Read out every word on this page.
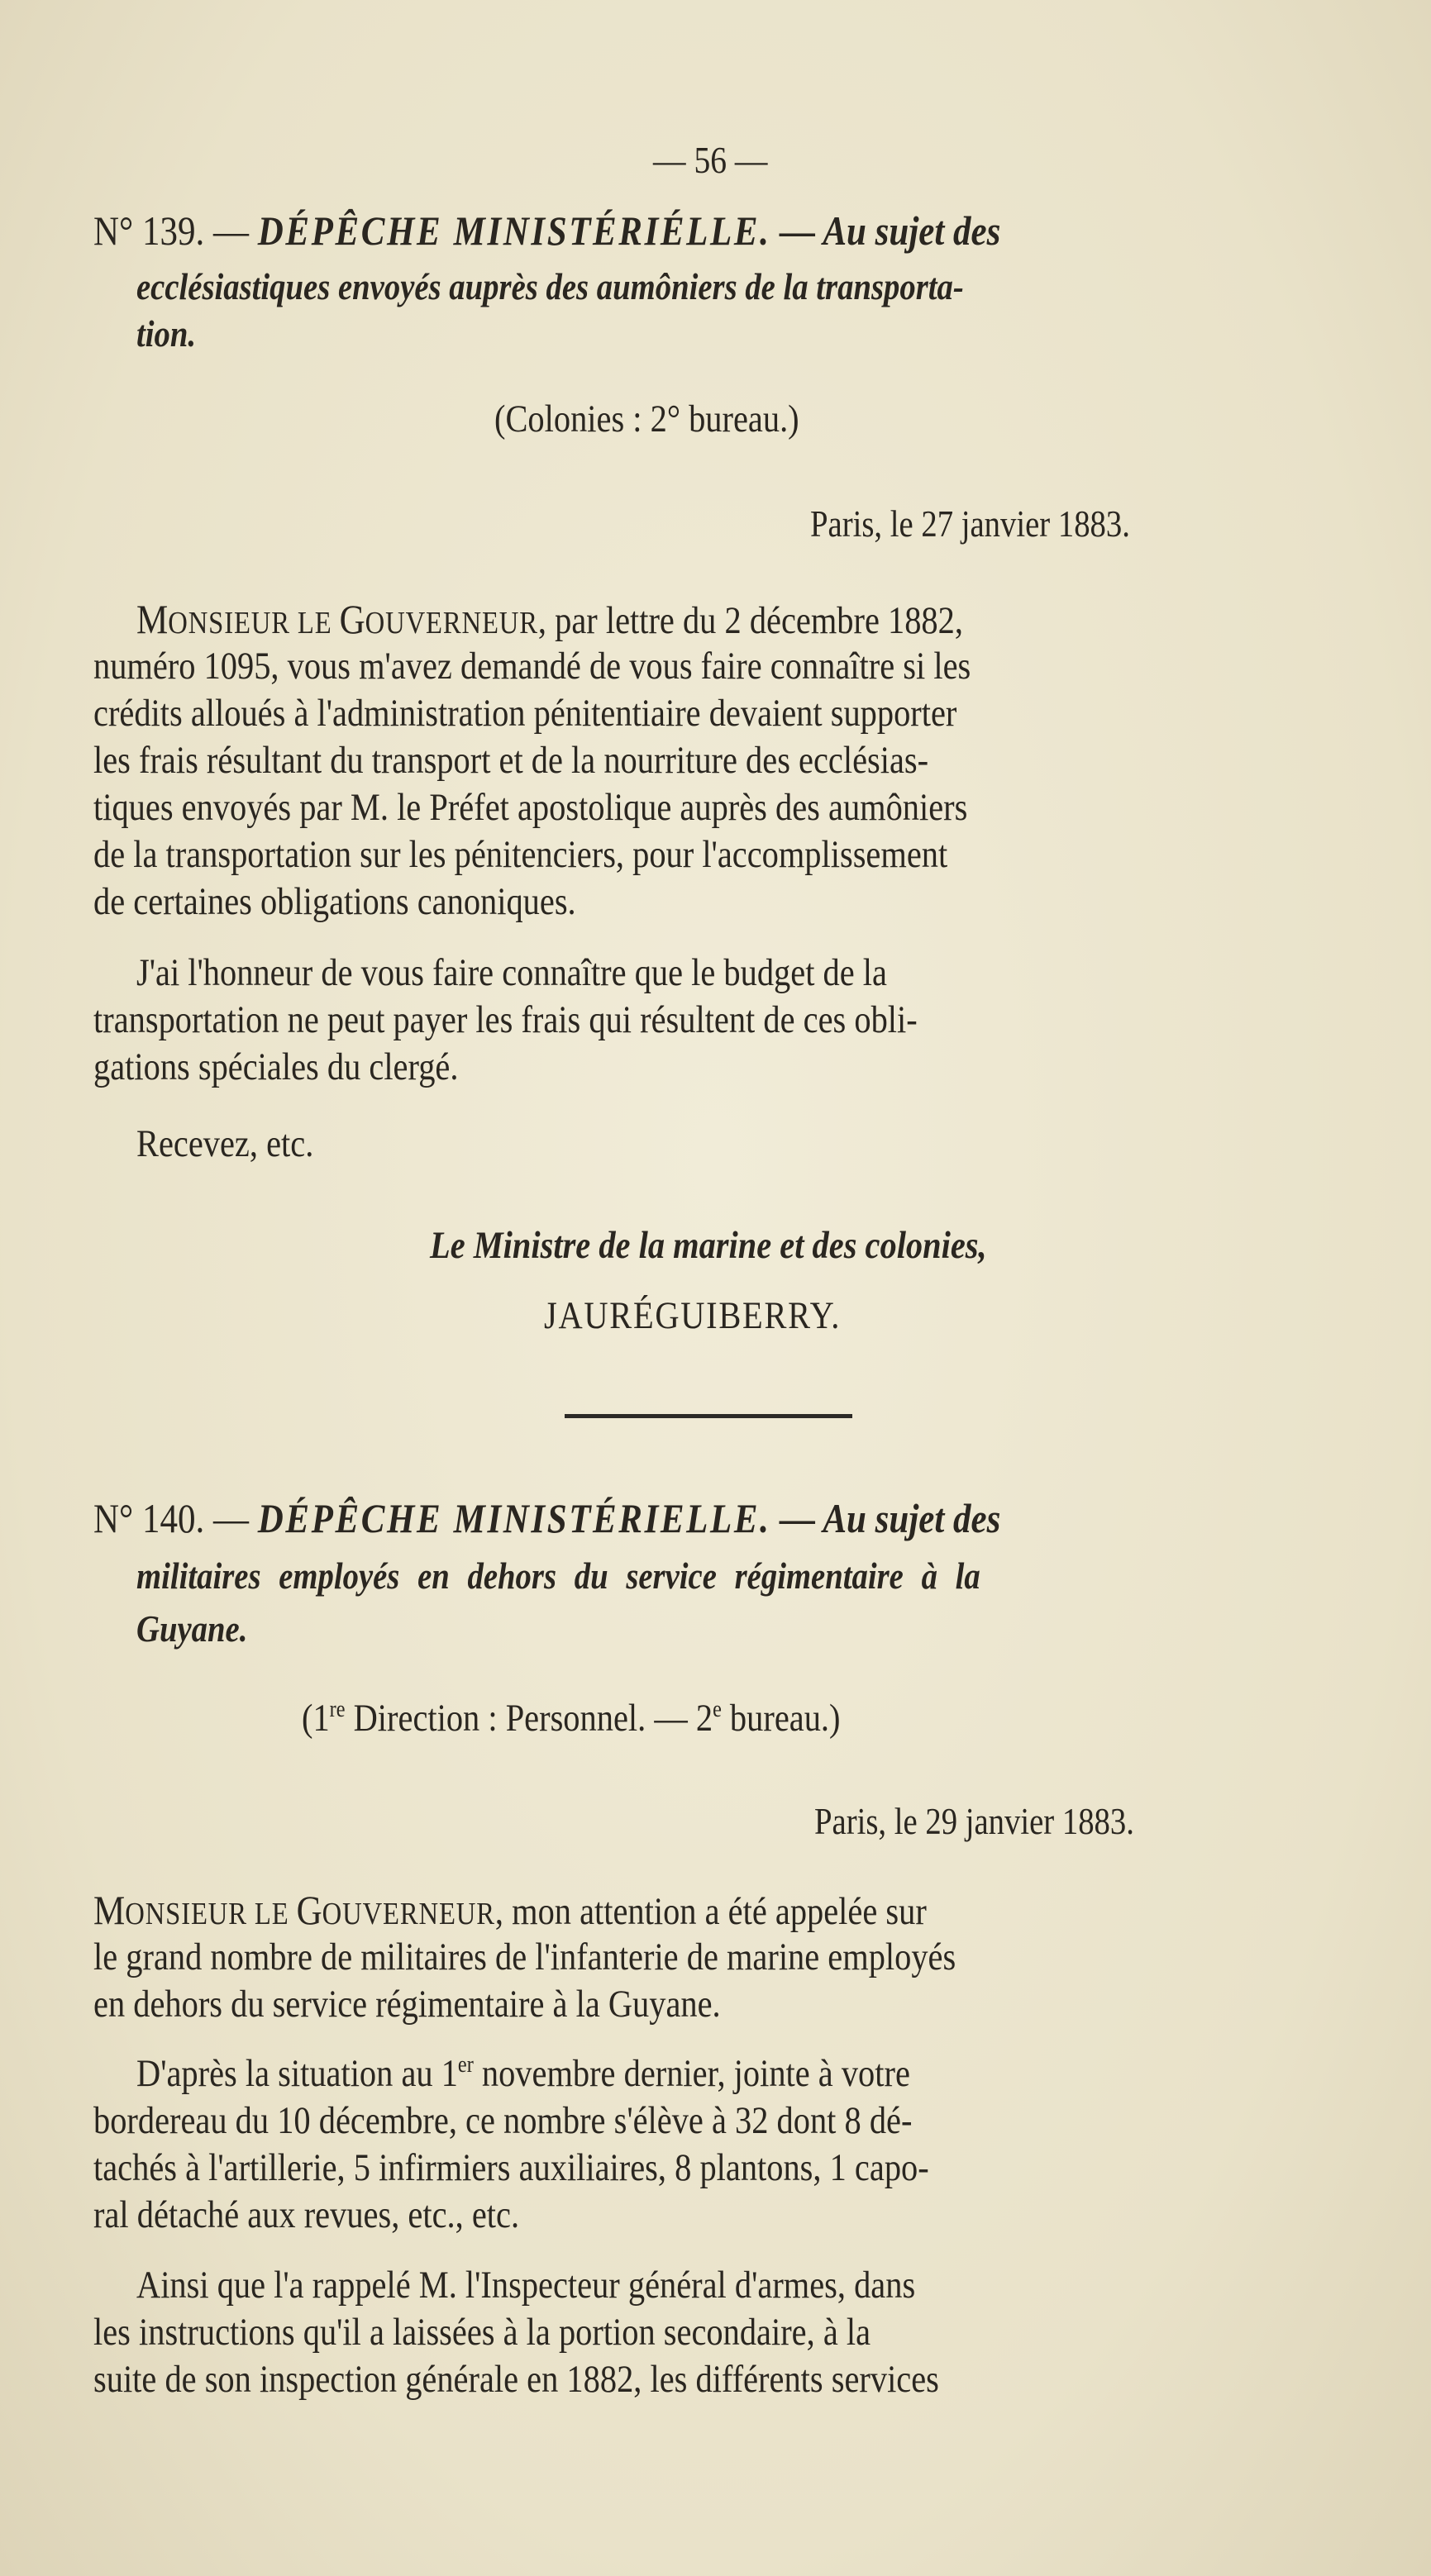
— 56 —
N° 139. — DÉPÊCHE MINISTÉRIÉLLE. — Au sujet des
ecclésiastiques envoyés auprès des aumôniers de la transporta-
tion.
(Colonies : 2° bureau.)
Paris, le 27 janvier 1883.
MONSIEUR LE GOUVERNEUR, par lettre du 2 décembre 1882,
numéro 1095, vous m'avez demandé de vous faire connaître si les
crédits alloués à l'administration pénitentiaire devaient supporter
les frais résultant du transport et de la nourriture des ecclésias-
tiques envoyés par M. le Préfet apostolique auprès des aumôniers
de la transportation sur les pénitenciers, pour l'accomplissement
de certaines obligations canoniques.
J'ai l'honneur de vous faire connaître que le budget de la
transportation ne peut payer les frais qui résultent de ces obli-
gations spéciales du clergé.
Recevez, etc.
Le Ministre de la marine et des colonies,
JAURÉGUIBERRY.
N° 140. — DÉPÊCHE MINISTÉRIELLE. — Au sujet des
militaires employés en dehors du service régimentaire à la
Guyane.
(1re Direction : Personnel. — 2e bureau.)
Paris, le 29 janvier 1883.
MONSIEUR LE GOUVERNEUR, mon attention a été appelée sur
le grand nombre de militaires de l'infanterie de marine employés
en dehors du service régimentaire à la Guyane.
D'après la situation au 1er novembre dernier, jointe à votre
bordereau du 10 décembre, ce nombre s'élève à 32 dont 8 dé-
tachés à l'artillerie, 5 infirmiers auxiliaires, 8 plantons, 1 capo-
ral détaché aux revues, etc., etc.
Ainsi que l'a rappelé M. l'Inspecteur général d'armes, dans
les instructions qu'il a laissées à la portion secondaire, à la
suite de son inspection générale en 1882, les différents services
